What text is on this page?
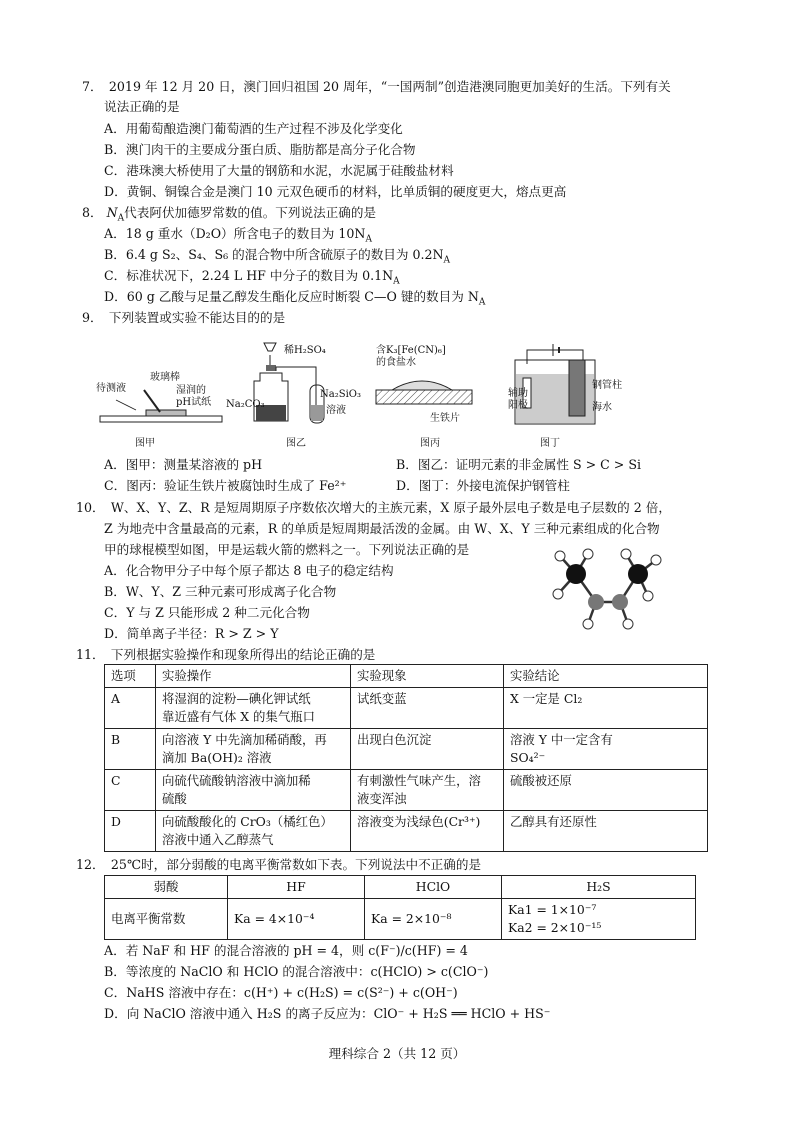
7．　2019 年 12 月 20 日，澳门回归祖国 20 周年，“一国两制”创造港澳同胞更加美好的生活。下列有关
说法正确的是
A．用葡萄酿造澳门葡萄酒的生产过程不涉及化学变化
B．澳门肉干的主要成分蛋白质、脂肪都是高分子化合物
C．港珠澳大桥使用了大量的钢筋和水泥，水泥属于硅酸盐材料
D．黄铜、铜镍合金是澳门 10 元双色硬币的材料，比单质铜的硬度更大，熔点更高
8． $N_A$代表阿伏加德罗常数的值。下列说法正确的是
A．18 g 重水（D₂O）所含电子的数目为 $10N_A$
B．6.4 g S₂、S₄、S₆ 的混合物中所含硫原子的数目为 $0.2N_A$
C．标准状况下，2.24 L HF 中分子的数目为 $0.1N_A$
D．60 g 乙酸与足量乙醇发生酯化反应时断裂 C—O 键的数目为 $N_A$
9．　下列装置或实验不能达目的的是
待测液
玻璃棒
湿润的
pH试纸
图甲
稀H₂SO₄
Na₂CO₃
Na₂SiO₃
溶液
图乙
含K₃[Fe(CN)₆]
的食盐水
生铁片
图丙
辅助
阳极
钢管柱
海水
图丁
A．图甲：测量某溶液的 pH	B．图乙：证明元素的非金属性 S > C > Si
C．图丙：验证生铁片被腐蚀时生成了 Fe²⁺	D．图丁：外接电流保护钢管柱
10．　W、X、Y、Z、R 是短周期原子序数依次增大的主族元素，X 原子最外层电子数是电子层数的 2 倍，
Z 为地壳中含量最高的元素，R 的单质是短周期最活泼的金属。由 W、X、Y 三种元素组成的化合物
甲的球棍模型如图，甲是运载火箭的燃料之一。下列说法正确的是
A．化合物甲分子中每个原子都达 8 电子的稳定结构
B．W、Y、Z 三种元素可形成离子化合物
C．Y 与 Z 只能形成 2 种二元化合物
D．简单离子半径：R > Z > Y
11．　下列根据实验操作和现象所得出的结论正确的是
选项	实验操作	实验现象	实验结论
A	将湿润的淀粉—碘化钾试纸
靠近盛有气体 X 的集气瓶口	试纸变蓝	X 一定是 Cl₂
B	向溶液 Y 中先滴加稀硝酸，再
滴加 Ba(OH)₂ 溶液	出现白色沉淀	溶液 Y 中一定含有
SO₄²⁻
C	向硫代硫酸钠溶液中滴加稀
硫酸	有刺激性气味产生，溶
液变浑浊	硫酸被还原
D	向硫酸酸化的 CrO₃（橘红色）
溶液中通入乙醇蒸气	溶液变为浅绿色(Cr³⁺)	乙醇具有还原性
12．　25℃时，部分弱酸的电离平衡常数如下表。下列说法中不正确的是
弱酸	HF	HClO	H₂S
电离平衡常数	Ka = 4×10⁻⁴	Ka = 2×10⁻⁸	Ka1 = 1×10⁻⁷
Ka2 = 2×10⁻¹⁵
A．若 NaF 和 HF 的混合溶液的 pH = 4，则 c(F⁻)/c(HF) = 4
B．等浓度的 NaClO 和 HClO 的混合溶液中：c(HClO) > c(ClO⁻)
C．NaHS 溶液中存在：c(H⁺) + c(H₂S) = c(S²⁻) + c(OH⁻)
D．向 NaClO 溶液中通入 H₂S 的离子反应为：ClO⁻ + H₂S ══ HClO + HS⁻
理科综合 2（共 12 页）
